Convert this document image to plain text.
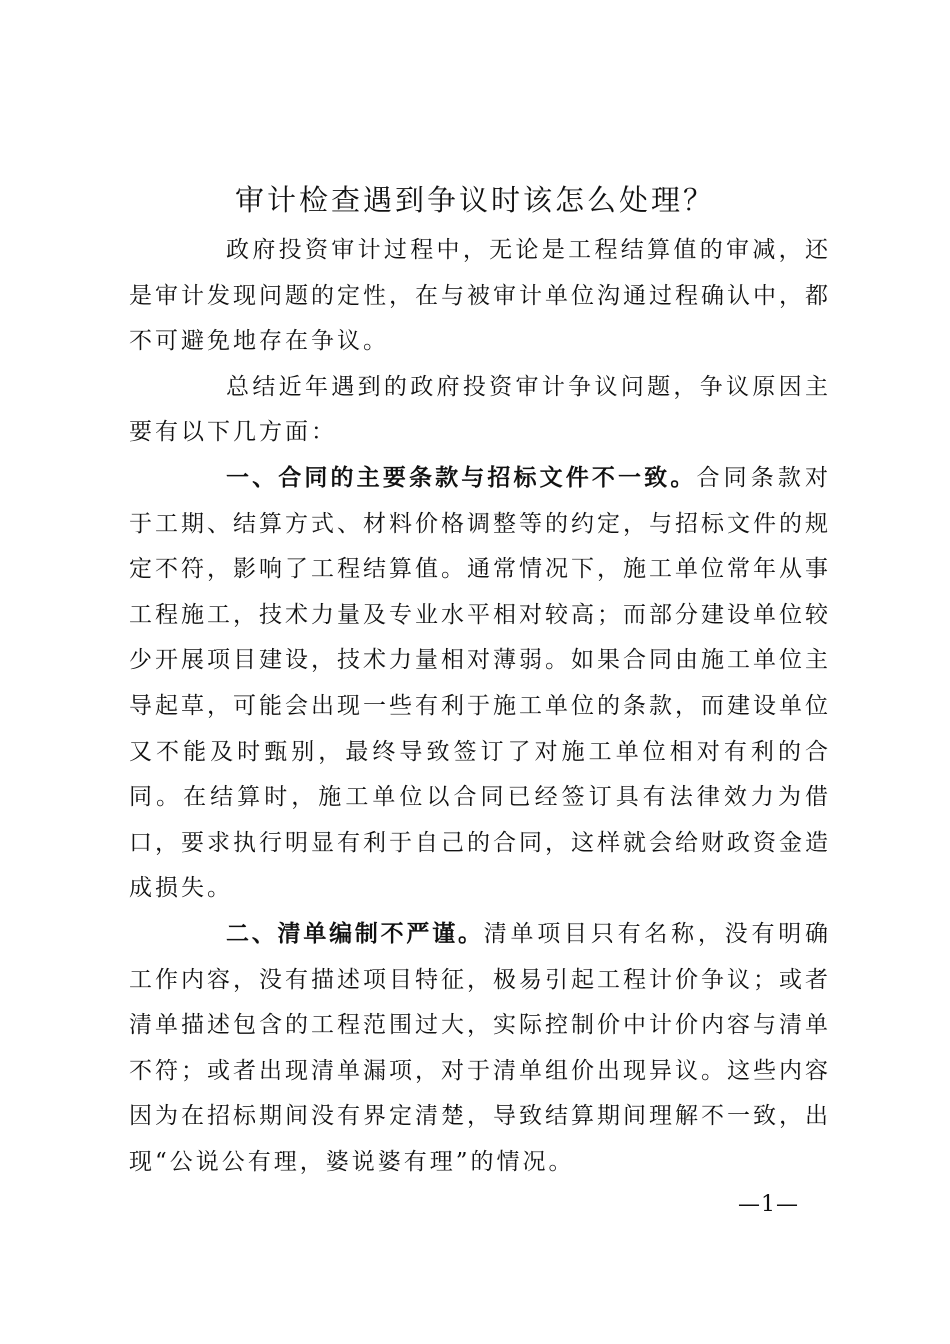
审计检查遇到争议时该怎么处理？

政府投资审计过程中，无论是工程结算值的审减，还是审计发现问题的定性，在与被审计单位沟通过程确认中，都不可避免地存在争议。

总结近年遇到的政府投资审计争议问题，争议原因主要有以下几方面：

一、合同的主要条款与招标文件不一致。合同条款对于工期、结算方式、材料价格调整等的约定，与招标文件的规定不符，影响了工程结算值。通常情况下，施工单位常年从事工程施工，技术力量及专业水平相对较高；而部分建设单位较少开展项目建设，技术力量相对薄弱。如果合同由施工单位主导起草，可能会出现一些有利于施工单位的条款，而建设单位又不能及时甄别，最终导致签订了对施工单位相对有利的合同。在结算时，施工单位以合同已经签订具有法律效力为借口，要求执行明显有利于自己的合同，这样就会给财政资金造成损失。

二、清单编制不严谨。清单项目只有名称，没有明确工作内容，没有描述项目特征，极易引起工程计价争议；或者清单描述包含的工程范围过大，实际控制价中计价内容与清单不符；或者出现清单漏项，对于清单组价出现异议。这些内容因为在招标期间没有界定清楚，导致结算期间理解不一致，出现“公说公有理，婆说婆有理”的情况。

—1—
